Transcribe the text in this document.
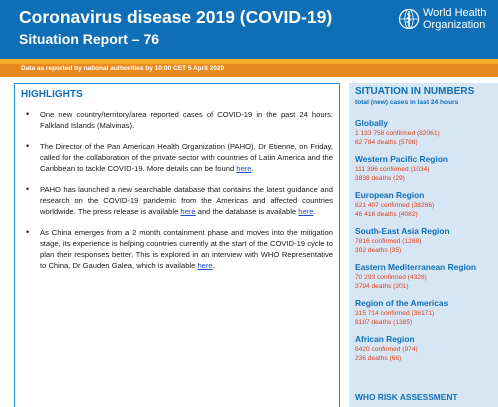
Coronavirus disease 2019 (COVID-19)
Situation Report – 76
World Health
Organization
Data as reported by national authorities by 10:00 CET 5 April 2020
HIGHLIGHTS
• One new country/territory/area reported cases of COVID-19 in the past 24 hours: Falkland Islands (Malvinas).
• The Director of the Pan American Health Organization (PAHO), Dr Etienne, on Friday, called for the collaboration of the private sector with countries of Latin America and the Caribbean to tackle COVID-19. More details can be found here.
• PAHO has launched a new searchable database that contains the latest guidance and research on the COVID-19 pandemic from the Americas and affected countries worldwide. The press release is available here and the database is available here.
• As China emerges from a 2 month containment phase and moves into the mitigation stage, its experience is helping countries currently at the start of the COVID-19 cycle to plan their responses better. This is explored in an interview with WHO Representative to China, Dr Gauden Galea, which is available here.
SITUATION IN NUMBERS
total (new) cases in last 24 hours
Globally
1 133 758 confirmed (82061)
62 784 deaths (5798)
Western Pacific Region
111 396 confirmed (1034)
3838 deaths (29)
European Region
621 407 confirmed (38266)
46 416 deaths (4082)
South-East Asia Region
7816 confirmed (1288)
302 deaths (35)
Eastern Mediterranean Region
70 293 confirmed (4328)
3794 deaths (201)
Region of the Americas
315 714 confirmed (36171)
8187 deaths (1385)
African Region
6420 confirmed (974)
236 deaths (66)
WHO RISK ASSESSMENT
